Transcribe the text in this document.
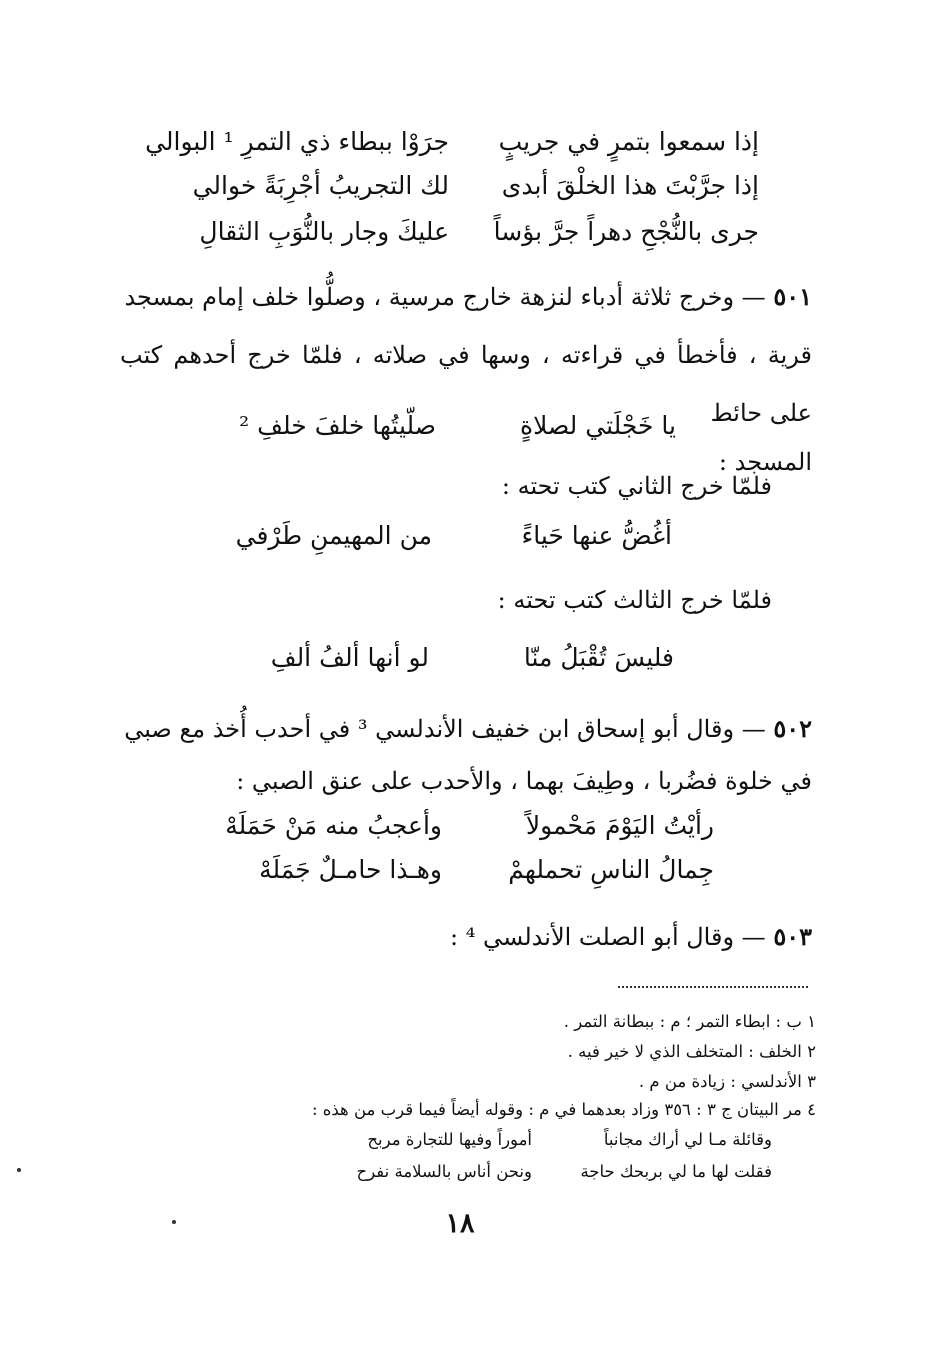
إذا سمعوا بتمرٍ في جريبٍ
جرَوْا ببطاء ذي التمرِ ¹ البوالي
إذا جرَّبْتَ هذا الخلْقَ أبدى
لك التجريبُ أجْرِبَةً خوالي
جرى بالنُّجْحِ دهراً جرَّ بؤساً
عليكَ وجار بالنُّوَبِ الثقالِ
٥٠١ — وخرج ثلاثة أدباء لنزهة خارج مرسية ، وصلُّوا خلف إمام بمسجد
قرية ، فأخطأ في قراءته ، وسها في صلاته ، فلمّا خرج أحدهم كتب على حائط
المسجد :
يا خَجْلَتي لصلاةٍ
صلّيتُها خلفَ خلفِ ²
فلمّا خرج الثاني كتب تحته :
أغُضُّ عنها حَياءً
من المهيمنِ طَرْفي
فلمّا خرج الثالث كتب تحته :
فليسَ تُقْبَلُ منّا
لو أنها ألفُ ألفِ
٥٠٢ — وقال أبو إسحاق ابن خفيف الأندلسي ³ في أحدب أُخذ مع صبي
في خلوة فضُربا ، وطِيفَ بهما ، والأحدب على عنق الصبي :
رأيْتُ اليَوْمَ مَحْمولاً
وأعجبُ منه مَنْ حَمَلَهْ
جِمالُ الناسِ تحملهمْ
وهـذا حامـلٌ جَمَلَهْ
٥٠٣ — وقال أبو الصلت الأندلسي ⁴ :
١ ب : ابطاء التمر ؛ م : ببطانة التمر .
٢ الخلف : المتخلف الذي لا خير فيه .
٣ الأندلسي : زيادة من م .
٤ مر البيتان ج ٣ : ٣٥٦ وزاد بعدهما في م : وقوله أيضاً فيما قرب من هذه :
وقائلة مـا لي أراك مجانباً
أموراً وفيها للتجارة مربح
فقلت لها ما لي بربحك حاجة
ونحن أناس بالسلامة نفرح
١٨
